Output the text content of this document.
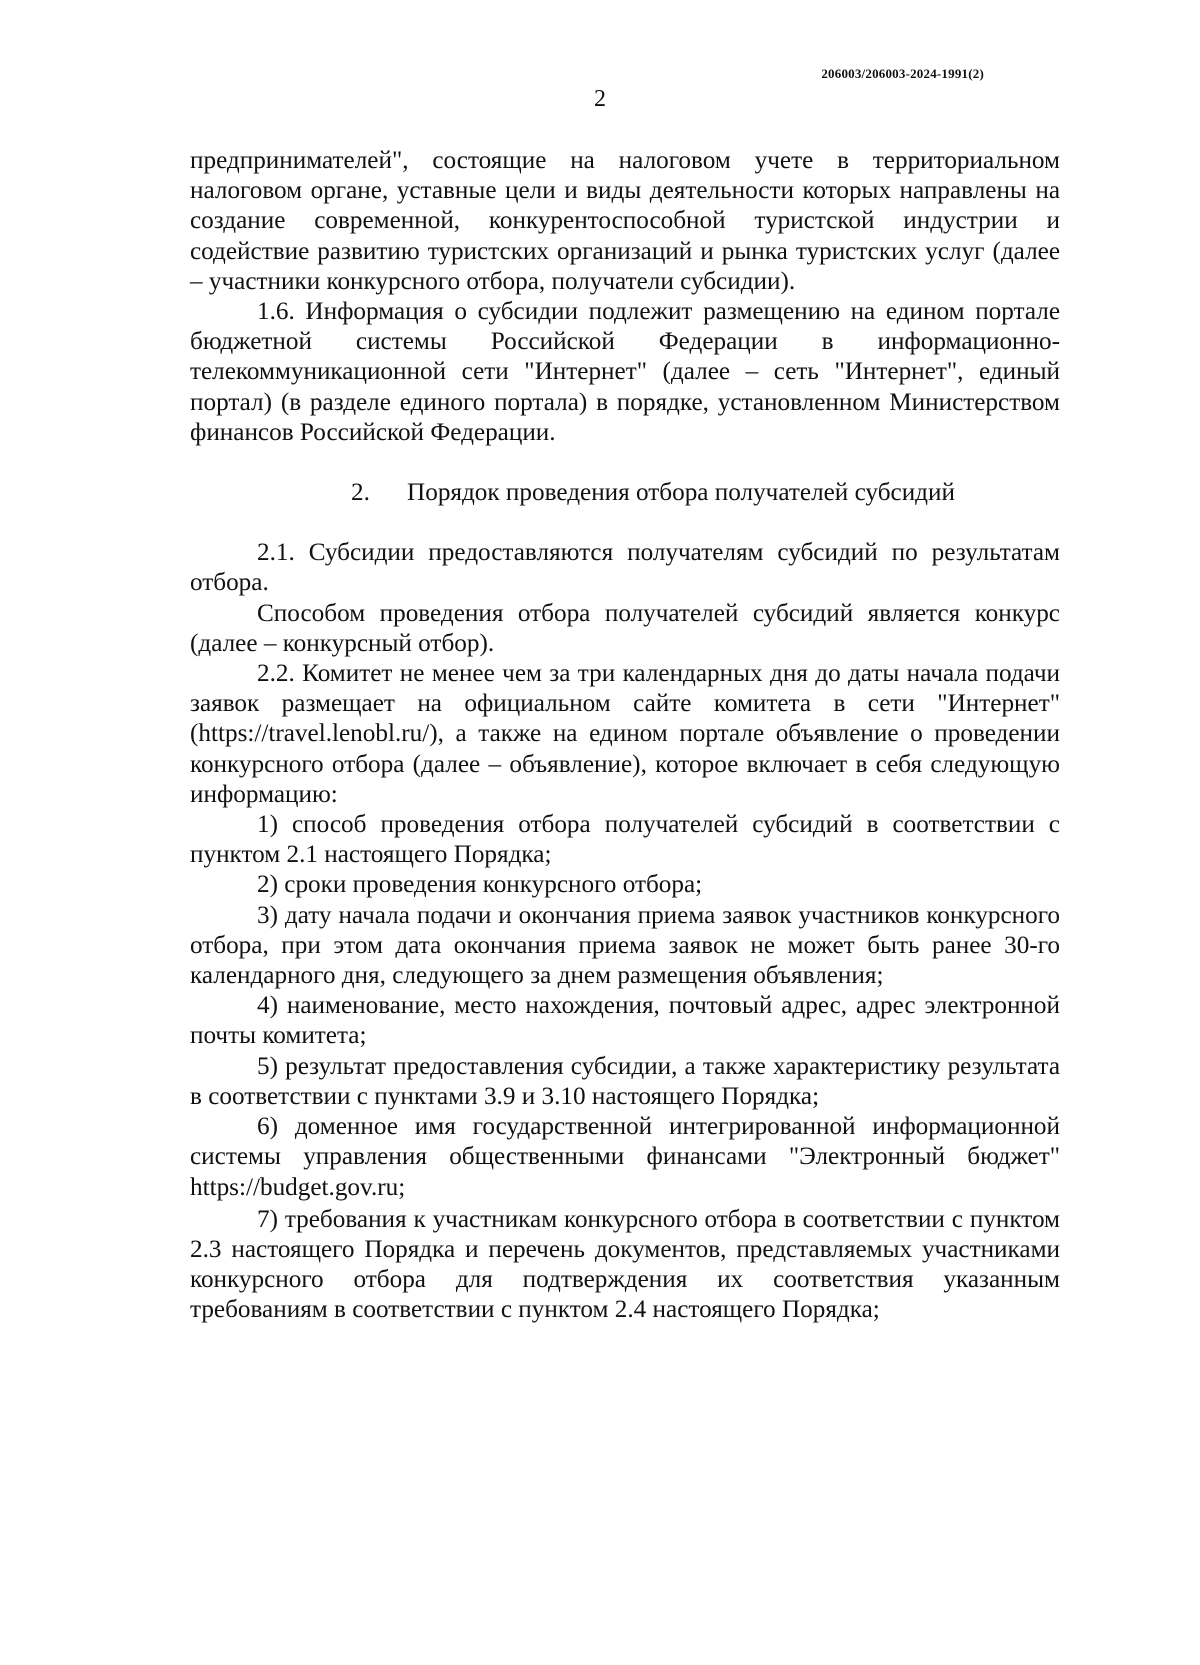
206003/206003-2024-1991(2)
2

предпринимателей", состоящие на налоговом учете в территориальном налоговом органе, уставные цели и виды деятельности которых направлены на создание современной, конкурентоспособной туристской индустрии и содействие развитию туристских организаций и рынка туристских услуг (далее – участники конкурсного отбора, получатели субсидии).

1.6. Информация о субсидии подлежит размещению на едином портале бюджетной системы Российской Федерации в информационно-телекоммуникационной сети "Интернет" (далее – сеть "Интернет", единый портал) (в разделе единого портала) в порядке, установленном Министерством финансов Российской Федерации.

2. Порядок проведения отбора получателей субсидий

2.1. Субсидии предоставляются получателям субсидий по результатам отбора.

Способом проведения отбора получателей субсидий является конкурс (далее – конкурсный отбор).

2.2. Комитет не менее чем за три календарных дня до даты начала подачи заявок размещает на официальном сайте комитета в сети "Интернет" (https://travel.lenobl.ru/), а также на едином портале объявление о проведении конкурсного отбора (далее – объявление), которое включает в себя следующую информацию:

1) способ проведения отбора получателей субсидий в соответствии с пунктом 2.1 настоящего Порядка;

2) сроки проведения конкурсного отбора;

3) дату начала подачи и окончания приема заявок участников конкурсного отбора, при этом дата окончания приема заявок не может быть ранее 30-го календарного дня, следующего за днем размещения объявления;

4) наименование, место нахождения, почтовый адрес, адрес электронной почты комитета;

5) результат предоставления субсидии, а также характеристику результата в соответствии с пунктами 3.9 и 3.10 настоящего Порядка;

6) доменное имя государственной интегрированной информационной системы управления общественными финансами "Электронный бюджет" https://budget.gov.ru;

7) требования к участникам конкурсного отбора в соответствии с пунктом 2.3 настоящего Порядка и перечень документов, представляемых участниками конкурсного отбора для подтверждения их соответствия указанным требованиям в соответствии с пунктом 2.4 настоящего Порядка;
